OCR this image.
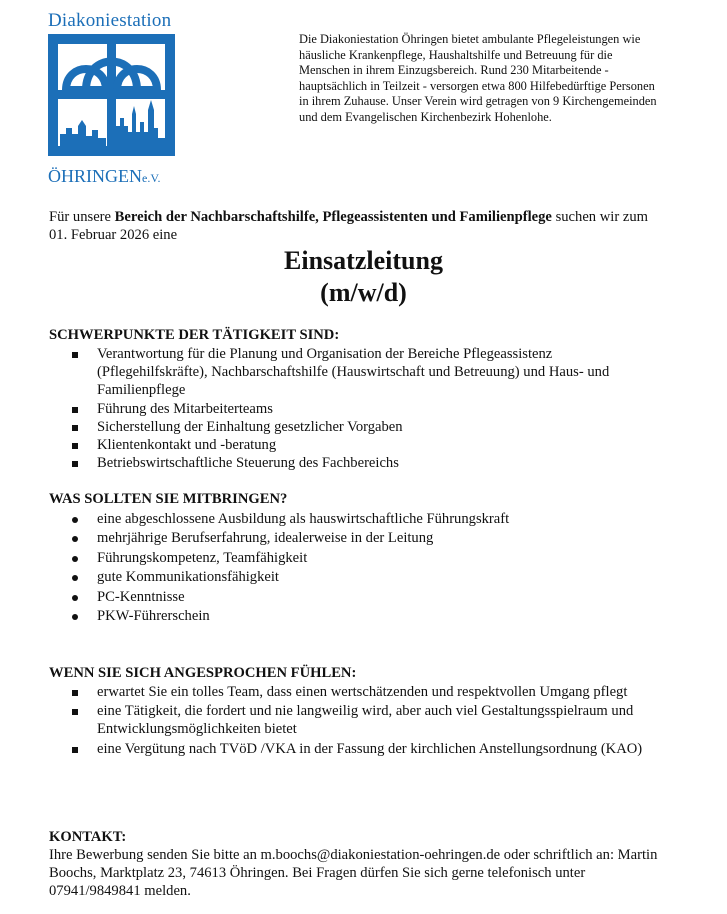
Diakoniestation
ÖHRINGENe.V.
Die Diakoniestation Öhringen bietet ambulante Pflegeleistungen wie häusliche Krankenpflege, Haushaltshilfe und Betreuung für die Menschen in ihrem Einzugsbereich. Rund 230 Mitarbeitende - hauptsächlich in Teilzeit - versorgen etwa 800 Hilfebedürftige Personen in ihrem Zuhause. Unser Verein wird getragen von 9 Kirchengemeinden und dem Evangelischen Kirchenbezirk Hohenlohe.
Für unsere Bereich der Nachbarschaftshilfe, Pflegeassistenten und Familienpflege suchen wir zum 01. Februar 2026 eine
Einsatzleitung
(m/w/d)
SCHWERPUNKTE DER TÄTIGKEIT SIND:
Verantwortung für die Planung und Organisation der Bereiche Pflegeassistenz (Pflegehilfskräfte), Nachbarschaftshilfe (Hauswirtschaft und Betreuung) und Haus- und Familienpflege
Führung des Mitarbeiterteams
Sicherstellung der Einhaltung gesetzlicher Vorgaben
Klientenkontakt und -beratung
Betriebswirtschaftliche Steuerung des Fachbereichs
WAS SOLLTEN SIE MITBRINGEN?
eine abgeschlossene Ausbildung als hauswirtschaftliche Führungskraft
mehrjährige Berufserfahrung, idealerweise in der Leitung
Führungskompetenz, Teamfähigkeit
gute Kommunikationsfähigkeit
PC-Kenntnisse
PKW-Führerschein
WENN SIE SICH ANGESPROCHEN FÜHLEN:
erwartet Sie ein tolles Team, dass einen wertschätzenden und respektvollen Umgang pflegt
eine Tätigkeit, die fordert und nie langweilig wird, aber auch viel Gestaltungsspielraum und Entwicklungsmöglichkeiten bietet
eine Vergütung nach TVöD /VKA in der Fassung der kirchlichen Anstellungsordnung (KAO)
KONTAKT:
Ihre Bewerbung senden Sie bitte an m.boochs@diakoniestation-oehringen.de oder schriftlich an: Martin Boochs, Marktplatz 23, 74613 Öhringen. Bei Fragen dürfen Sie sich gerne telefonisch unter 07941/9849841 melden.
